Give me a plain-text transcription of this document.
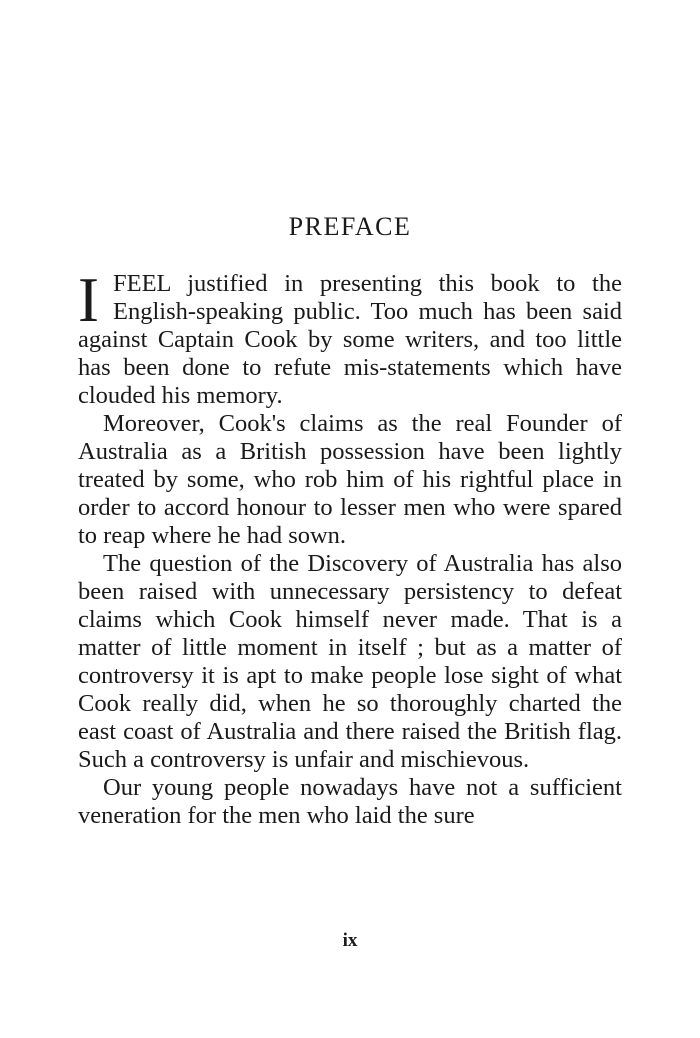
PREFACE

IFEEL justified in presenting this book to the English-speaking public. Too much has been said against Captain Cook by some writers, and too little has been done to refute mis-statements which have clouded his memory.

Moreover, Cook's claims as the real Founder of Australia as a British possession have been lightly treated by some, who rob him of his rightful place in order to accord honour to lesser men who were spared to reap where he had sown.

The question of the Discovery of Australia has also been raised with unnecessary persistency to defeat claims which Cook himself never made. That is a matter of little moment in itself ; but as a matter of controversy it is apt to make people lose sight of what Cook really did, when he so thoroughly charted the east coast of Australia and there raised the British flag. Such a controversy is unfair and mischievous.

Our young people nowadays have not a sufficient veneration for the men who laid the sure

ix
